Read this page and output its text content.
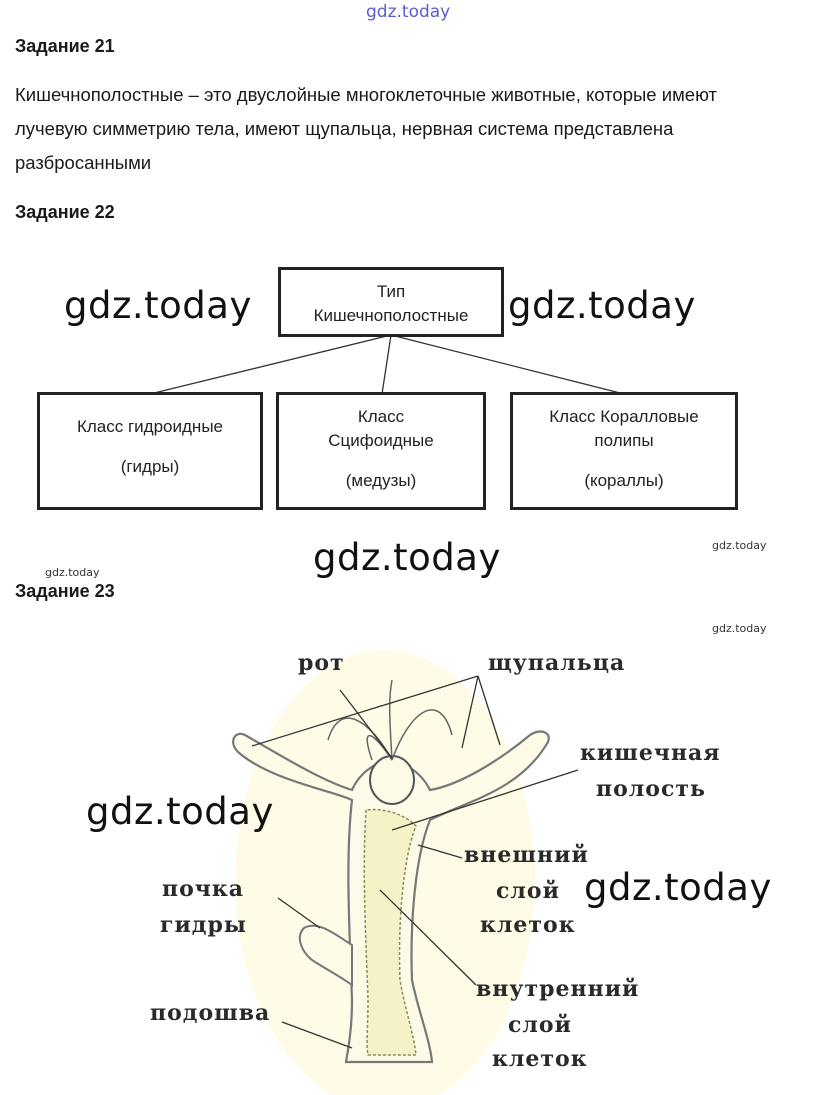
gdz.today
Задание 21
Кишечнополостные – это двуслойные многоклеточные животные, которые имеют
лучевую симметрию тела, имеют щупальца, нервная система представлена
разбросанными
Задание 22
Тип
Кишечнополостные
Класс гидроидные
(гидры)
Класс
Сцифоидные
(медузы)
Класс Коралловые
полипы
(кораллы)
gdz.today	gdz.today
gdz.today	gdz.today
gdz.today
gdz.today
Задание 23
рот	щупальца
кишечная
полость
внешний
слой
клеток
почка
гидры
внутренний
слой
клеток
подошва
gdz.today
gdz.today
